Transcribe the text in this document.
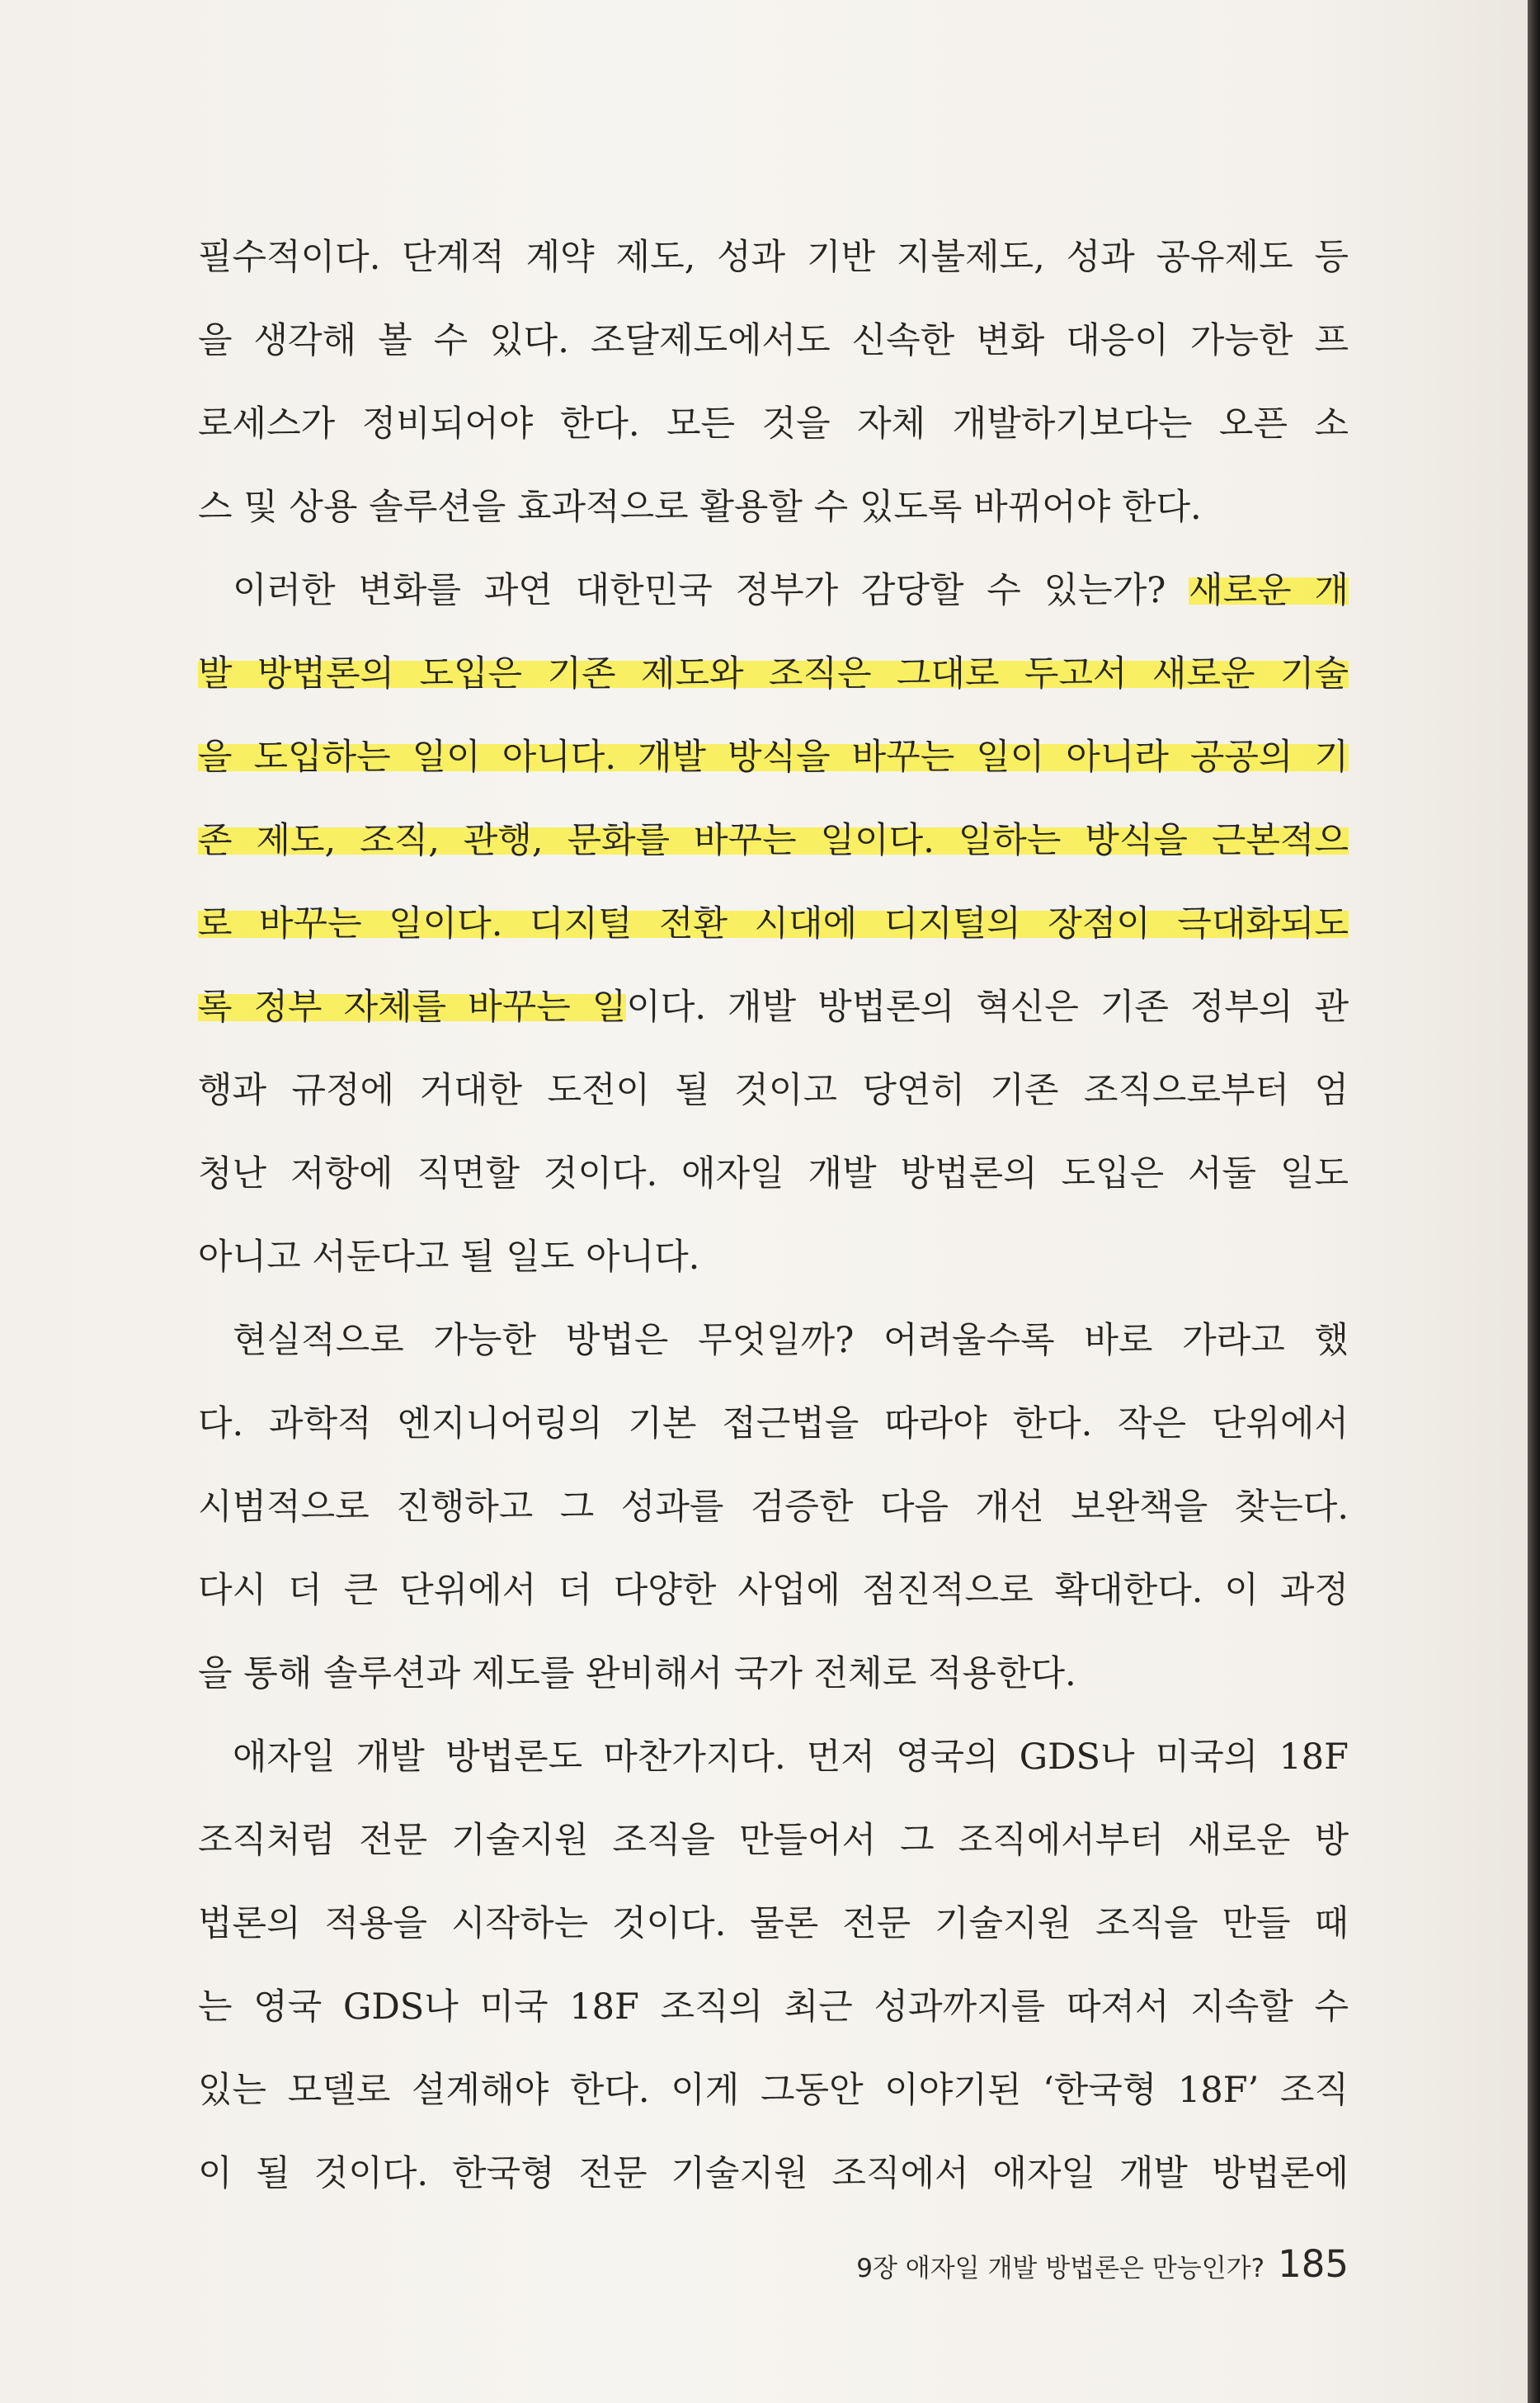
필수적이다. 단계적 계약 제도, 성과 기반 지불제도, 성과 공유제도 등
을 생각해 볼 수 있다. 조달제도에서도 신속한 변화 대응이 가능한 프
로세스가 정비되어야 한다. 모든 것을 자체 개발하기보다는 오픈 소
스 및 상용 솔루션을 효과적으로 활용할 수 있도록 바뀌어야 한다.
이러한 변화를 과연 대한민국 정부가 감당할 수 있는가? 새로운 개
발 방법론의 도입은 기존 제도와 조직은 그대로 두고서 새로운 기술
을 도입하는 일이 아니다. 개발 방식을 바꾸는 일이 아니라 공공의 기
존 제도, 조직, 관행, 문화를 바꾸는 일이다. 일하는 방식을 근본적으
로 바꾸는 일이다. 디지털 전환 시대에 디지털의 장점이 극대화되도
록 정부 자체를 바꾸는 일이다. 개발 방법론의 혁신은 기존 정부의 관
행과 규정에 거대한 도전이 될 것이고 당연히 기존 조직으로부터 엄
청난 저항에 직면할 것이다. 애자일 개발 방법론의 도입은 서둘 일도
아니고 서둔다고 될 일도 아니다.
현실적으로 가능한 방법은 무엇일까? 어려울수록 바로 가라고 했
다. 과학적 엔지니어링의 기본 접근법을 따라야 한다. 작은 단위에서
시범적으로 진행하고 그 성과를 검증한 다음 개선 보완책을 찾는다.
다시 더 큰 단위에서 더 다양한 사업에 점진적으로 확대한다. 이 과정
을 통해 솔루션과 제도를 완비해서 국가 전체로 적용한다.
애자일 개발 방법론도 마찬가지다. 먼저 영국의 GDS나 미국의 18F
조직처럼 전문 기술지원 조직을 만들어서 그 조직에서부터 새로운 방
법론의 적용을 시작하는 것이다. 물론 전문 기술지원 조직을 만들 때
는 영국 GDS나 미국 18F 조직의 최근 성과까지를 따져서 지속할 수
있는 모델로 설계해야 한다. 이게 그동안 이야기된 ‘한국형 18F’ 조직
이 될 것이다. 한국형 전문 기술지원 조직에서 애자일 개발 방법론에
9장 애자일 개발 방법론은 만능인가? 185
